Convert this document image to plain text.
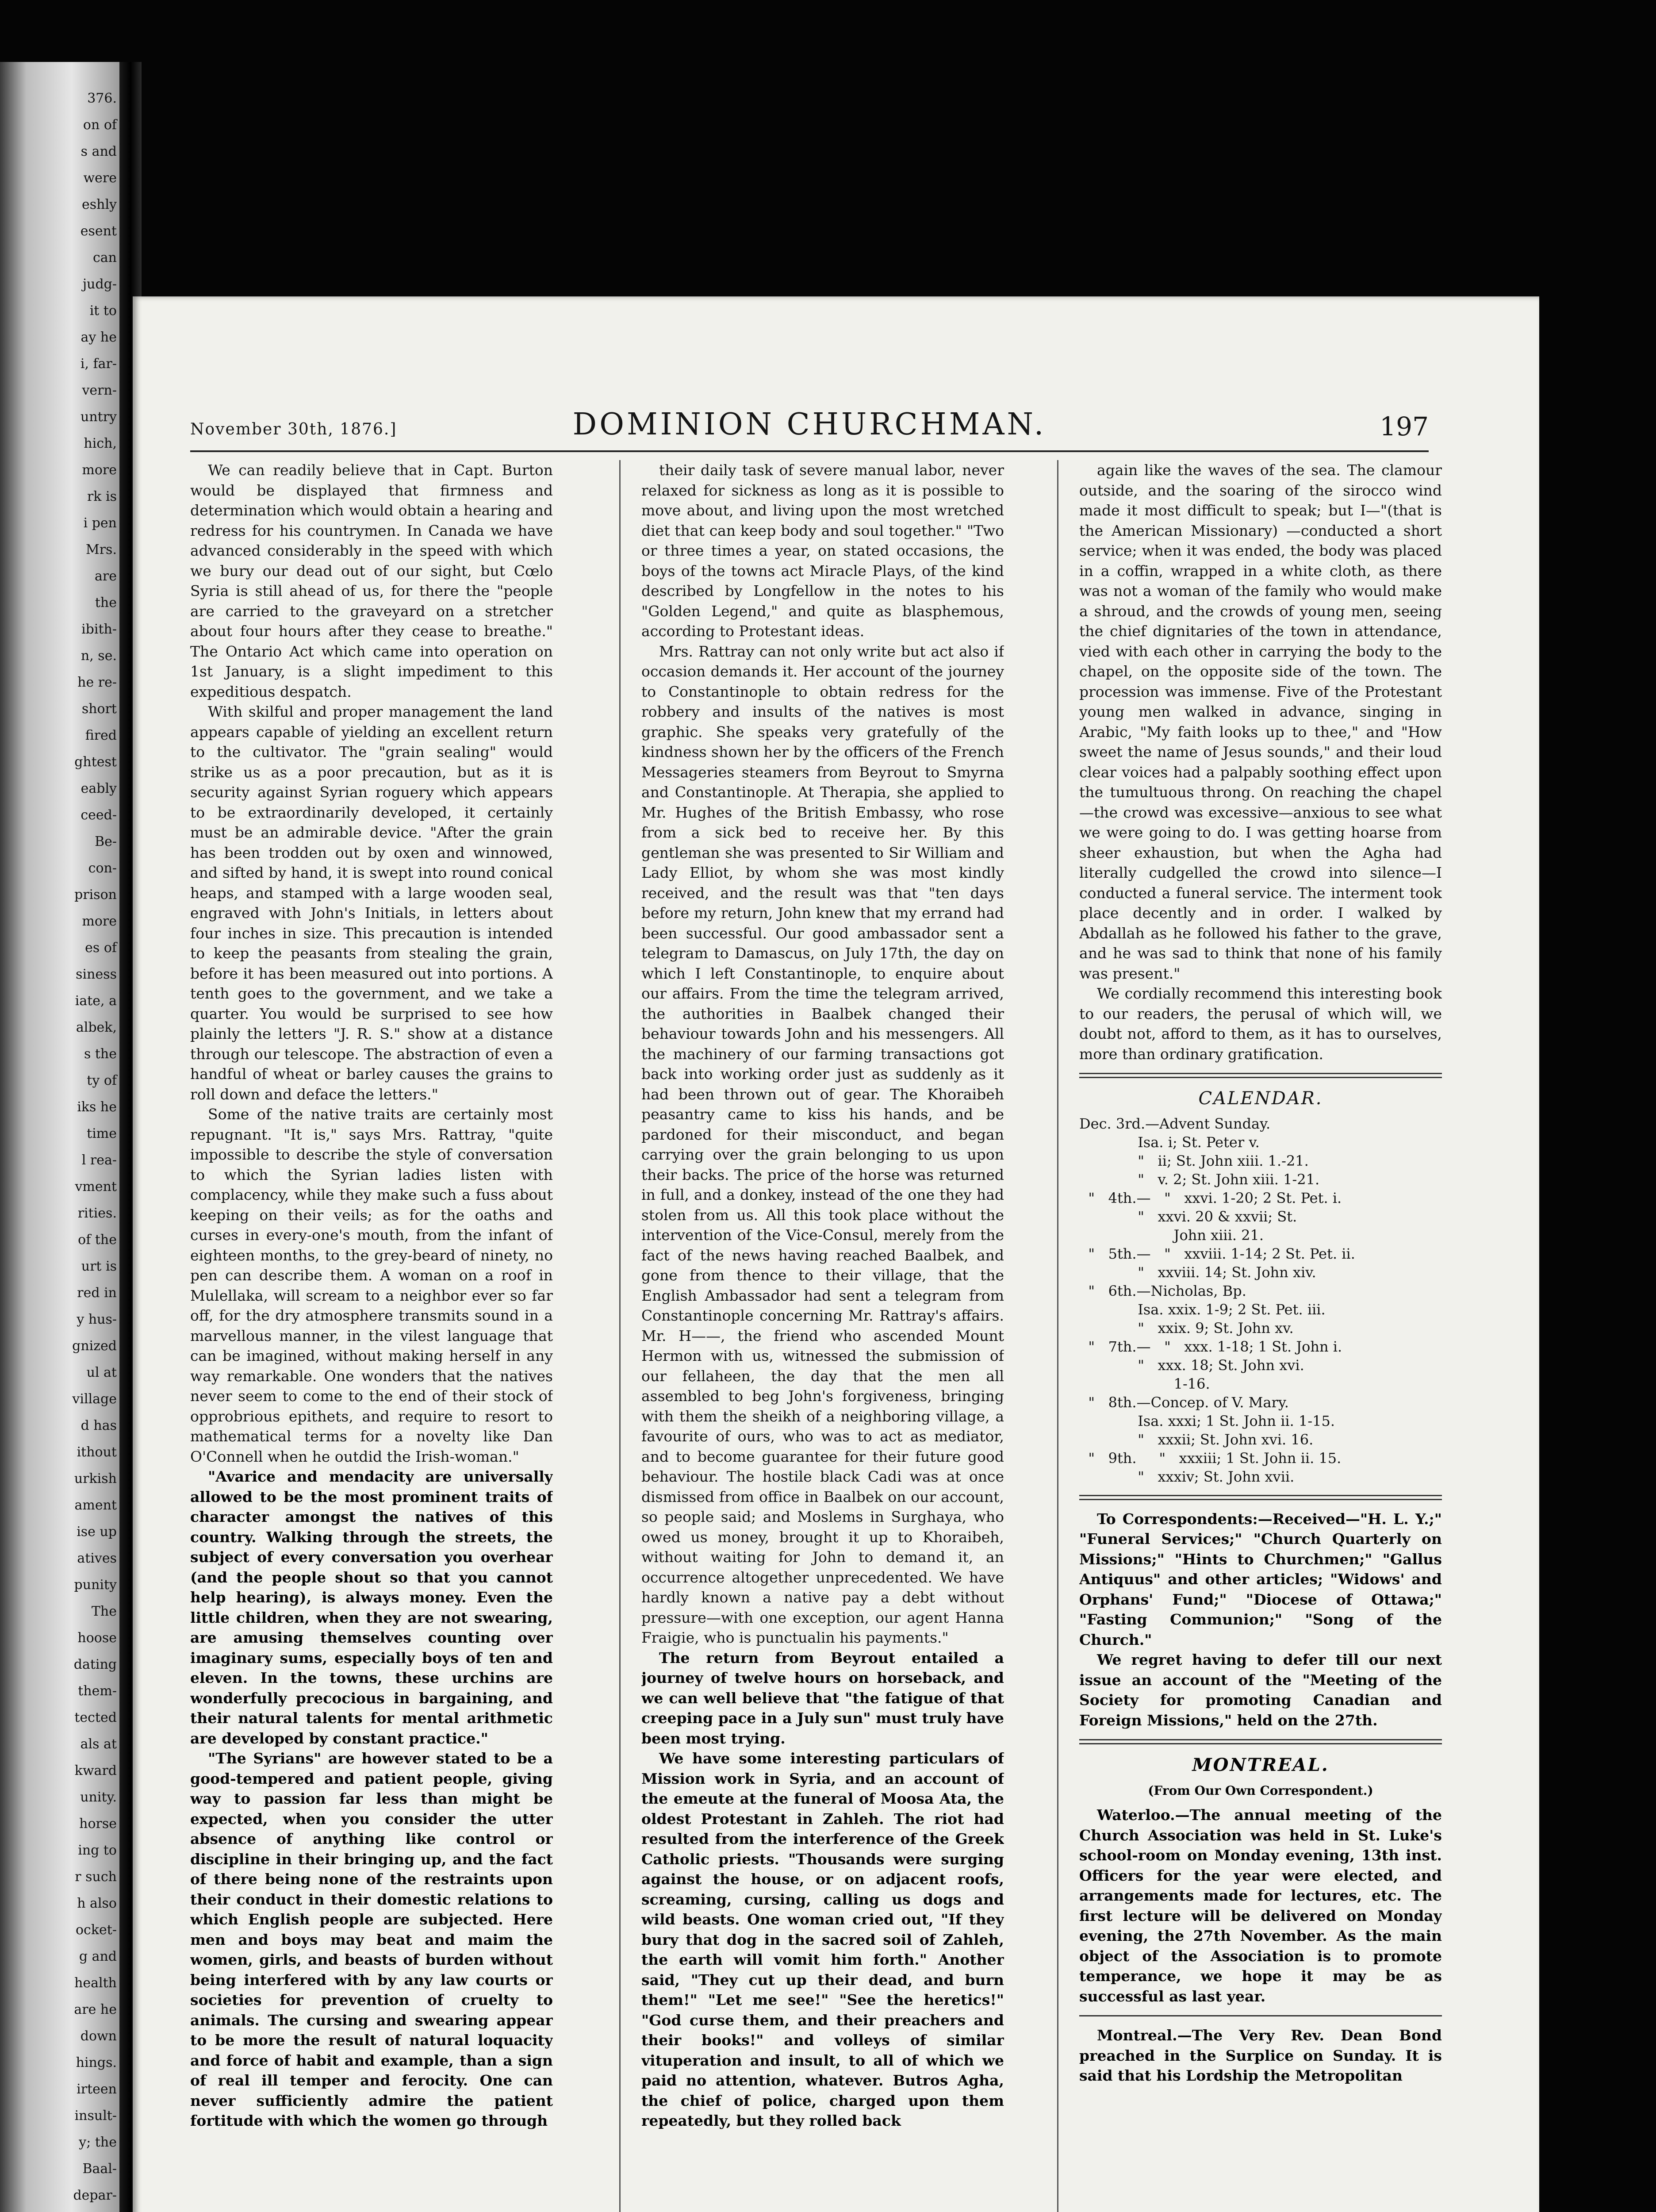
376.
on of
s and
were
eshly
esent
can
judg-
it to
ay he
i, far-
vern-
untry
hich,
more
rk is
i pen
Mrs.
are
the
ibith-
n, se.
he re-
short
fired
ghtest
eably
ceed-
Be-
con-
prison
more
es of
siness
iate, a
albek,
s the
ty of
iks he
time
l rea-
vment
rities.
of the
urt is
red in
y hus-
gnized
ul at
village
d has
ithout
urkish
ament
ise up
atives
punity
The
hoose
dating
them-
tected
als at
kward
unity.
horse
ing to
r such
h also
ocket-
g and
health
are he
down
hings.
irteen
insult-
y; the
Baal-
depar-
November 30th, 1876.]	DOMINION CHURCHMAN.	197

We can readily believe that in Capt. Burton would be displayed that firmness and determination which would obtain a hearing and redress for his countrymen. In Canada we have advanced considerably in the speed with which we bury our dead out of our sight, but Cœlo Syria is still ahead of us, for there the "people are carried to the graveyard on a stretcher about four hours after they cease to breathe." The Ontario Act which came into operation on 1st January, is a slight impediment to this expeditious despatch.

With skilful and proper management the land appears capable of yielding an excellent return to the cultivator. The "grain sealing" would strike us as a poor precaution, but as it is security against Syrian roguery which appears to be extraordinarily developed, it certainly must be an admirable device. "After the grain has been trodden out by oxen and winnowed, and sifted by hand, it is swept into round conical heaps, and stamped with a large wooden seal, engraved with John's Initials, in letters about four inches in size. This precaution is intended to keep the peasants from stealing the grain, before it has been measured out into portions. A tenth goes to the government, and we take a quarter. You would be surprised to see how plainly the letters "J. R. S." show at a distance through our telescope. The abstraction of even a handful of wheat or barley causes the grains to roll down and deface the letters."

Some of the native traits are certainly most repugnant. "It is," says Mrs. Rattray, "quite impossible to describe the style of conversation to which the Syrian ladies listen with complacency, while they make such a fuss about keeping on their veils; as for the oaths and curses in every-one's mouth, from the infant of eighteen months, to the grey-beard of ninety, no pen can describe them. A woman on a roof in Mulellaka, will scream to a neighbor ever so far off, for the dry atmosphere transmits sound in a marvellous manner, in the vilest language that can be imagined, without making herself in any way remarkable. One wonders that the natives never seem to come to the end of their stock of opprobrious epithets, and require to resort to mathematical terms for a novelty like Dan O'Connell when he outdid the Irish-woman."

"Avarice and mendacity are universally allowed to be the most prominent traits of character amongst the natives of this country. Walking through the streets, the subject of every conversation you overhear (and the people shout so that you cannot help hearing), is always money. Even the little children, when they are not swearing, are amusing themselves counting over imaginary sums, especially boys of ten and eleven. In the towns, these urchins are wonderfully precocious in bargaining, and their natural talents for mental arithmetic are developed by constant practice."

"The Syrians" are however stated to be a good-tempered and patient people, giving way to passion far less than might be expected, when you consider the utter absence of anything like control or discipline in their bringing up, and the fact of there being none of the restraints upon their conduct in their domestic relations to which English people are subjected. Here men and boys may beat and maim the women, girls, and beasts of burden without being interfered with by any law courts or societies for prevention of cruelty to animals. The cursing and swearing appear to be more the result of natural loquacity and force of habit and example, than a sign of real ill temper and ferocity. One can never sufficiently admire the patient fortitude with which the women go through

their daily task of severe manual labor, never relaxed for sickness as long as it is possible to move about, and living upon the most wretched diet that can keep body and soul together." "Two or three times a year, on stated occasions, the boys of the towns act Miracle Plays, of the kind described by Longfellow in the notes to his "Golden Legend," and quite as blasphemous, according to Protestant ideas.

Mrs. Rattray can not only write but act also if occasion demands it. Her account of the journey to Constantinople to obtain redress for the robbery and insults of the natives is most graphic. She speaks very gratefully of the kindness shown her by the officers of the French Messageries steamers from Beyrout to Smyrna and Constantinople. At Therapia, she applied to Mr. Hughes of the British Embassy, who rose from a sick bed to receive her. By this gentleman she was presented to Sir William and Lady Elliot, by whom she was most kindly received, and the result was that "ten days before my return, John knew that my errand had been successful. Our good ambassador sent a telegram to Damascus, on July 17th, the day on which I left Constantinople, to enquire about our affairs. From the time the telegram arrived, the authorities in Baalbek changed their behaviour towards John and his messengers. All the machinery of our farming transactions got back into working order just as suddenly as it had been thrown out of gear. The Khoraibeh peasantry came to kiss his hands, and be pardoned for their misconduct, and began carrying over the grain belonging to us upon their backs. The price of the horse was returned in full, and a donkey, instead of the one they had stolen from us. All this took place without the intervention of the Vice-Consul, merely from the fact of the news having reached Baalbek, and gone from thence to their village, that the English Ambassador had sent a telegram from Constantinople concerning Mr. Rattray's affairs. Mr. H——, the friend who ascended Mount Hermon with us, witnessed the submission of our fellaheen, the day that the men all assembled to beg John's forgiveness, bringing with them the sheikh of a neighboring village, a favourite of ours, who was to act as mediator, and to become guarantee for their future good behaviour. The hostile black Cadi was at once dismissed from office in Baalbek on our account, so people said; and Moslems in Surghaya, who owed us money, brought it up to Khoraibeh, without waiting for John to demand it, an occurrence altogether unprecedented. We have hardly known a native pay a debt without pressure—with one exception, our agent Hanna Fraigie, who is punctualin his payments."

The return from Beyrout entailed a journey of twelve hours on horseback, and we can well believe that "the fatigue of that creeping pace in a July sun" must truly have been most trying.

We have some interesting particulars of Mission work in Syria, and an account of the emeute at the funeral of Moosa Ata, the oldest Protestant in Zahleh. The riot had resulted from the interference of the Greek Catholic priests. "Thousands were surging against the house, or on adjacent roofs, screaming, cursing, calling us dogs and wild beasts. One woman cried out, "If they bury that dog in the sacred soil of Zahleh, the earth will vomit him forth." Another said, "They cut up their dead, and burn them!" "Let me see!" "See the heretics!" "God curse them, and their preachers and their books!" and volleys of similar vituperation and insult, to all of which we paid no attention, whatever. Butros Agha, the chief of police, charged upon them repeatedly, but they rolled back

again like the waves of the sea. The clamour outside, and the soaring of the sirocco wind made it most difficult to speak; but I—"(that is the American Missionary) —conducted a short service; when it was ended, the body was placed in a coffin, wrapped in a white cloth, as there was not a woman of the family who would make a shroud, and the crowds of young men, seeing the chief dignitaries of the town in attendance, vied with each other in carrying the body to the chapel, on the opposite side of the town. The procession was immense. Five of the Protestant young men walked in advance, singing in Arabic, "My faith looks up to thee," and "How sweet the name of Jesus sounds," and their loud clear voices had a palpably soothing effect upon the tumultuous throng. On reaching the chapel—the crowd was excessive—anxious to see what we were going to do. I was getting hoarse from sheer exhaustion, but when the Agha had literally cudgelled the crowd into silence—I conducted a funeral service. The interment took place decently and in order. I walked by Abdallah as he followed his father to the grave, and he was sad to think that none of his family was present."

We cordially recommend this interesting book to our readers, the perusal of which will, we doubt not, afford to them, as it has to ourselves, more than ordinary gratification.

CALENDAR.
Dec. 3rd.—Advent Sunday.
Isa. i; St. Peter v.
"   ii; St. John xiii. 1.-21.
"   v. 2; St. John xiii. 1-21.
"   4th.—   "   xxvi. 1-20; 2 St. Pet. i.
"   xxvi. 20 & xxvii; St.
John xiii. 21.
"   5th.—   "   xxviii. 1-14; 2 St. Pet. ii.
"   xxviii. 14; St. John xiv.
"   6th.—Nicholas, Bp.
Isa. xxix. 1-9; 2 St. Pet. iii.
"   xxix. 9; St. John xv.
"   7th.—   "   xxx. 1-18; 1 St. John i.
"   xxx. 18; St. John xvi.
1-16.
"   8th.—Concep. of V. Mary.
Isa. xxxi; 1 St. John ii. 1-15.
"   xxxii; St. John xvi. 16.
"   9th.     "   xxxiii; 1 St. John ii. 15.
"   xxxiv; St. John xvii.

To Correspondents:—Received—"H. L. Y.;" "Funeral Services;" "Church Quarterly on Missions;" "Hints to Churchmen;" "Gallus Antiquus" and other articles; "Widows' and Orphans' Fund;" "Diocese of Ottawa;" "Fasting Communion;" "Song of the Church."

We regret having to defer till our next issue an account of the "Meeting of the Society for promoting Canadian and Foreign Missions," held on the 27th.

MONTREAL.
(From Our Own Correspondent.)

Waterloo.—The annual meeting of the Church Association was held in St. Luke's school-room on Monday evening, 13th inst. Officers for the year were elected, and arrangements made for lectures, etc. The first lecture will be delivered on Monday evening, the 27th November. As the main object of the Association is to promote temperance, we hope it may be as successful as last year.

Montreal.—The Very Rev. Dean Bond preached in the Surplice on Sunday. It is said that his Lordship the Metropolitan
